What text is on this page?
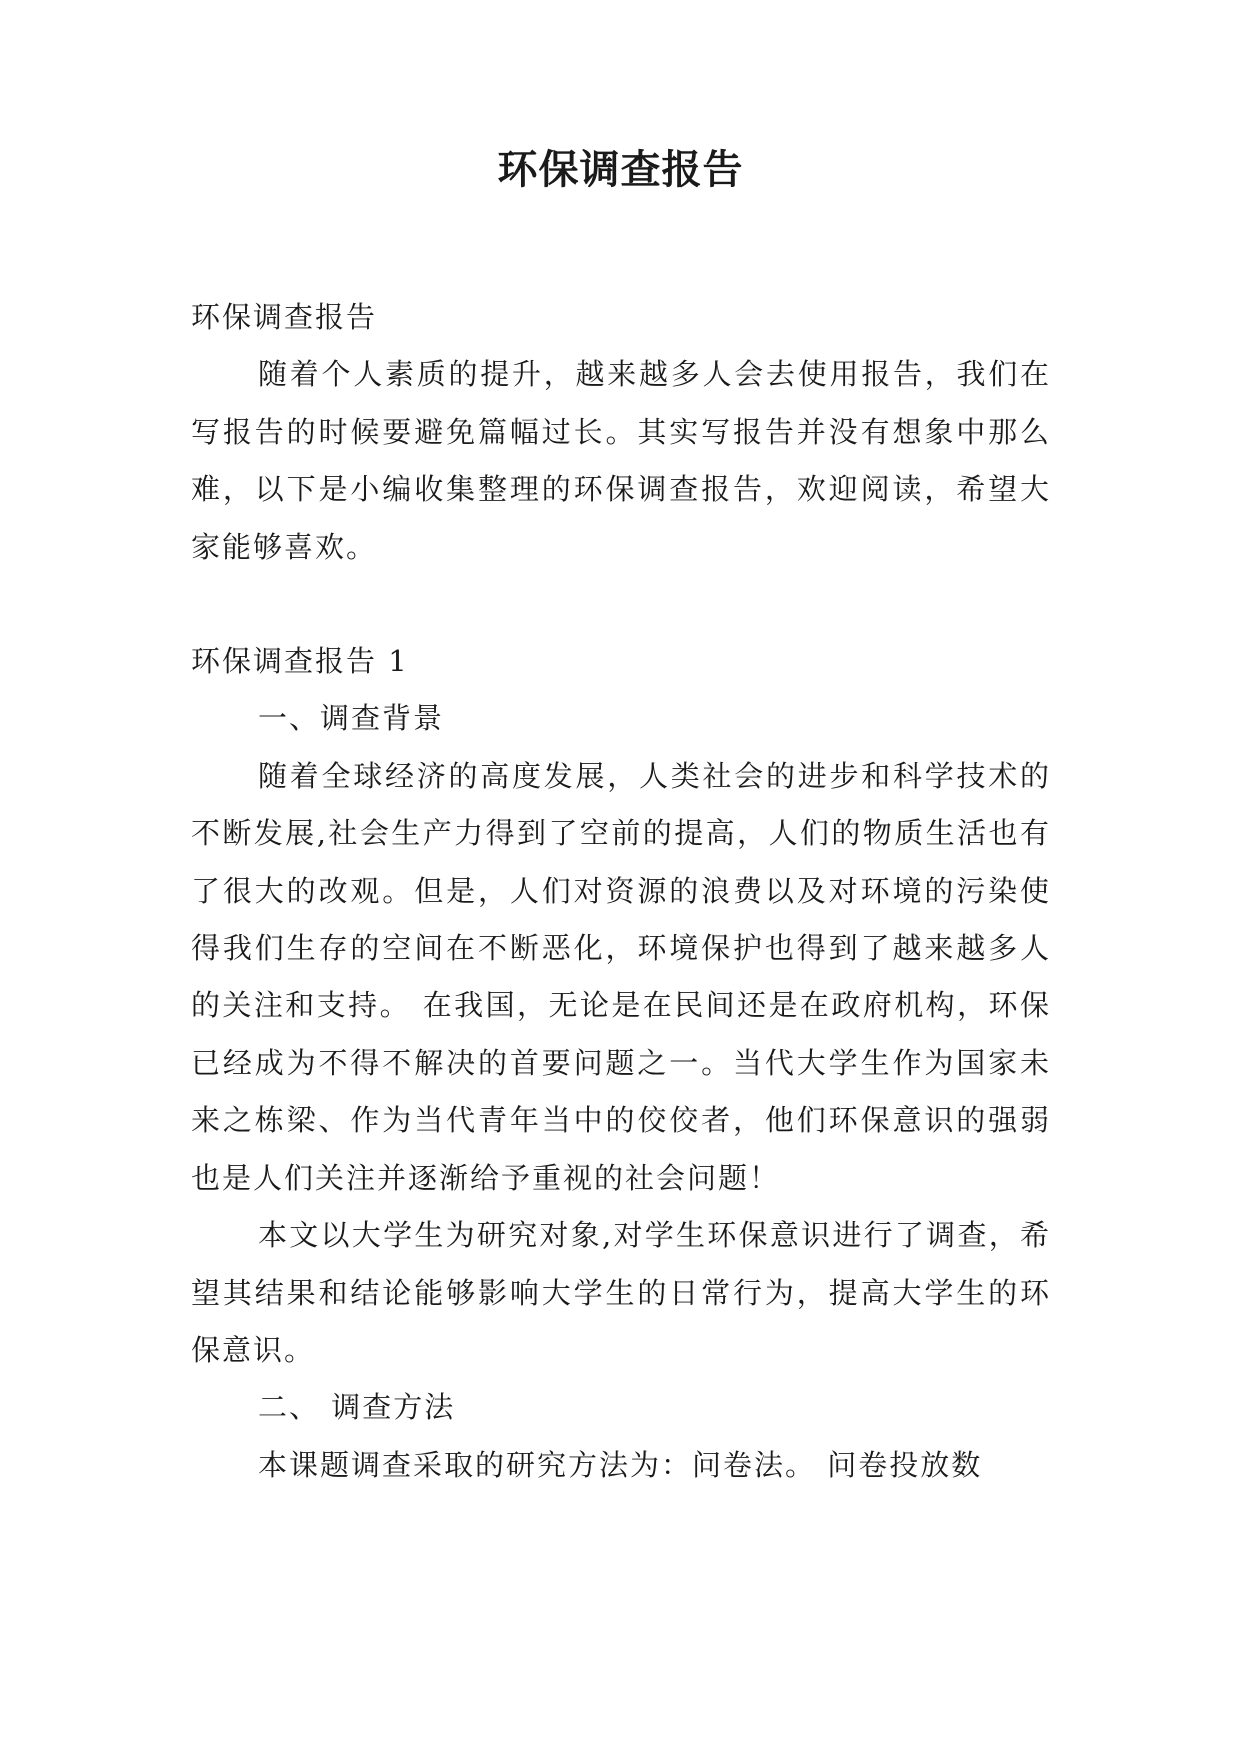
环保调查报告

环保调查报告

随着个人素质的提升，越来越多人会去使用报告，我们在写报告的时候要避免篇幅过长。其实写报告并没有想象中那么难，以下是小编收集整理的环保调查报告，欢迎阅读，希望大家能够喜欢。

环保调查报告 1

一、调查背景

随着全球经济的高度发展，人类社会的进步和科学技术的不断发展,社会生产力得到了空前的提高，人们的物质生活也有了很大的改观。但是，人们对资源的浪费以及对环境的污染使得我们生存的空间在不断恶化，环境保护也得到了越来越多人的关注和支持。 在我国，无论是在民间还是在政府机构，环保已经成为不得不解决的首要问题之一。当代大学生作为国家未来之栋梁、作为当代青年当中的佼佼者，他们环保意识的强弱也是人们关注并逐渐给予重视的社会问题！

本文以大学生为研究对象,对学生环保意识进行了调查，希望其结果和结论能够影响大学生的日常行为，提高大学生的环保意识。

二、 调查方法

本课题调查采取的研究方法为：问卷法。 问卷投放数
